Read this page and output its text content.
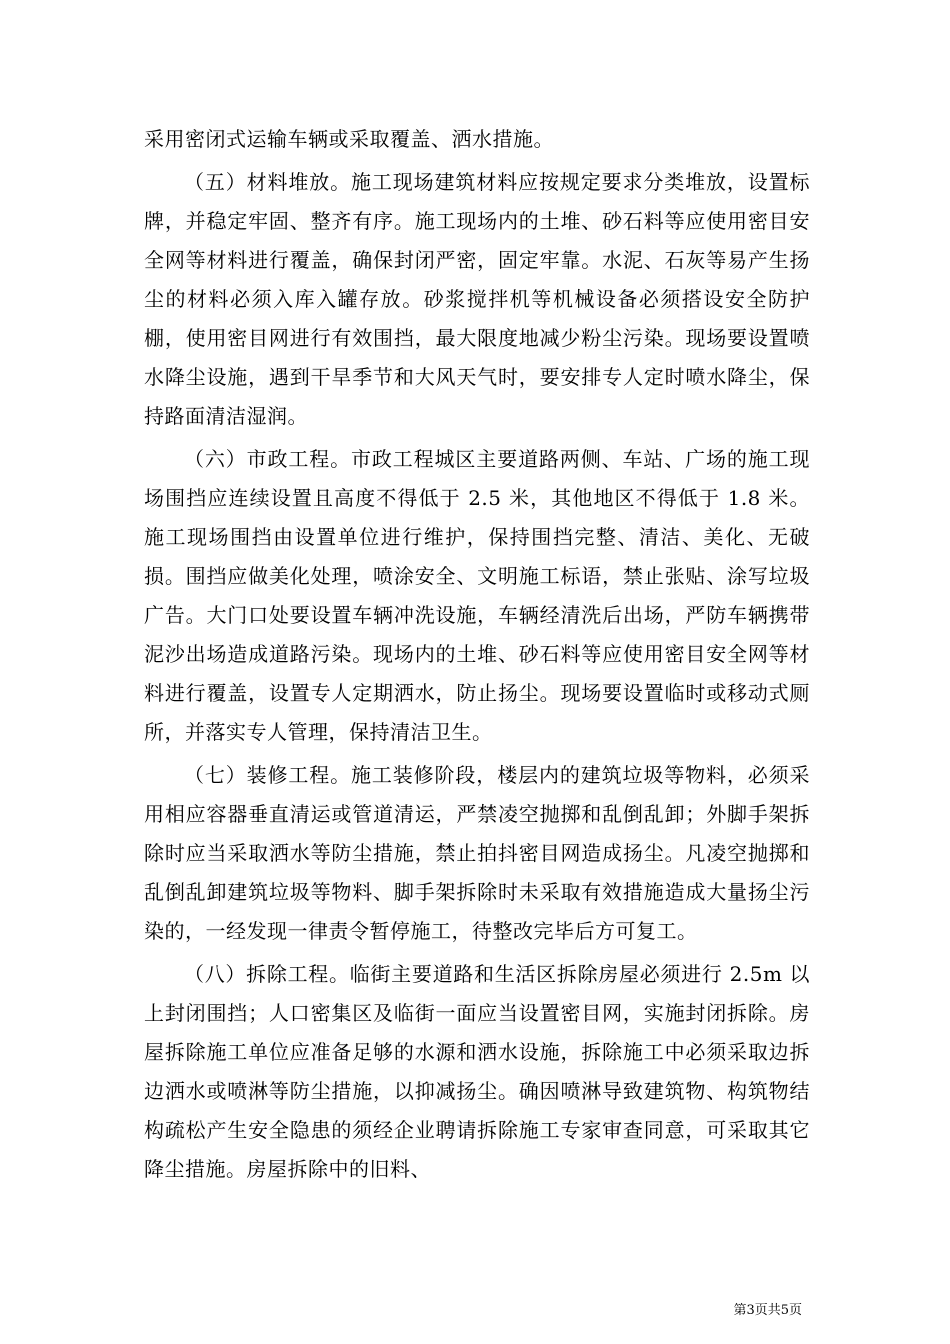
采用密闭式运输车辆或采取覆盖、洒水措施。

（五）材料堆放。施工现场建筑材料应按规定要求分类堆放，设置标牌，并稳定牢固、整齐有序。施工现场内的土堆、砂石料等应使用密目安全网等材料进行覆盖，确保封闭严密，固定牢靠。水泥、石灰等易产生扬尘的材料必须入库入罐存放。砂浆搅拌机等机械设备必须搭设安全防护棚，使用密目网进行有效围挡，最大限度地减少粉尘污染。现场要设置喷水降尘设施，遇到干旱季节和大风天气时，要安排专人定时喷水降尘，保持路面清洁湿润。

（六）市政工程。市政工程城区主要道路两侧、车站、广场的施工现场围挡应连续设置且高度不得低于 2.5 米，其他地区不得低于 1.8 米。施工现场围挡由设置单位进行维护，保持围挡完整、清洁、美化、无破损。围挡应做美化处理，喷涂安全、文明施工标语，禁止张贴、涂写垃圾广告。大门口处要设置车辆冲洗设施，车辆经清洗后出场，严防车辆携带泥沙出场造成道路污染。现场内的土堆、砂石料等应使用密目安全网等材料进行覆盖，设置专人定期洒水，防止扬尘。现场要设置临时或移动式厕所，并落实专人管理，保持清洁卫生。

（七）装修工程。施工装修阶段，楼层内的建筑垃圾等物料，必须采用相应容器垂直清运或管道清运，严禁凌空抛掷和乱倒乱卸；外脚手架拆除时应当采取洒水等防尘措施，禁止拍抖密目网造成扬尘。凡凌空抛掷和乱倒乱卸建筑垃圾等物料、脚手架拆除时未采取有效措施造成大量扬尘污染的，一经发现一律责令暂停施工，待整改完毕后方可复工。

（八）拆除工程。临街主要道路和生活区拆除房屋必须进行 2.5m 以上封闭围挡；人口密集区及临街一面应当设置密目网，实施封闭拆除。房屋拆除施工单位应准备足够的水源和洒水设施，拆除施工中必须采取边拆边洒水或喷淋等防尘措施，以抑减扬尘。确因喷淋导致建筑物、构筑物结构疏松产生安全隐患的须经企业聘请拆除施工专家审查同意，可采取其它降尘措施。房屋拆除中的旧料、

第3页共5页
